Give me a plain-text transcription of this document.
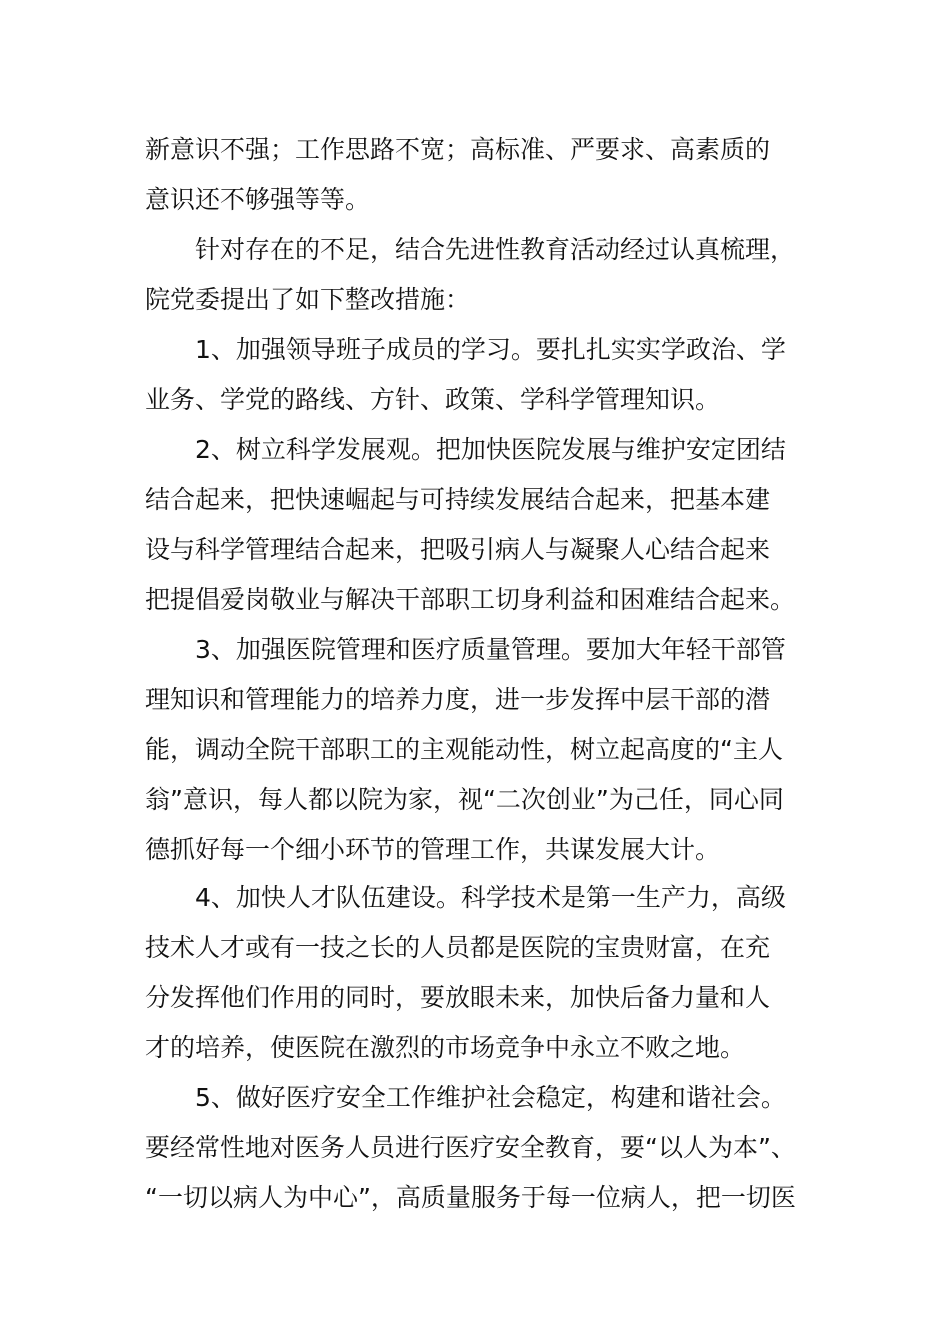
新意识不强；工作思路不宽；高标准、严要求、高素质的

意识还不够强等等。

针对存在的不足，结合先进性教育活动经过认真梳理，

院党委提出了如下整改措施：

1、加强领导班子成员的学习。要扎扎实实学政治、学

业务、学党的路线、方针、政策、学科学管理知识。

2、树立科学发展观。把加快医院发展与维护安定团结

结合起来，把快速崛起与可持续发展结合起来，把基本建

设与科学管理结合起来，把吸引病人与凝聚人心结合起来

把提倡爱岗敬业与解决干部职工切身利益和困难结合起来。

3、加强医院管理和医疗质量管理。要加大年轻干部管

理知识和管理能力的培养力度，进一步发挥中层干部的潜

能，调动全院干部职工的主观能动性，树立起高度的“主人

翁”意识，每人都以院为家，视“二次创业”为己任，同心同

德抓好每一个细小环节的管理工作，共谋发展大计。

4、加快人才队伍建设。科学技术是第一生产力，高级

技术人才或有一技之长的人员都是医院的宝贵财富，在充

分发挥他们作用的同时，要放眼未来，加快后备力量和人

才的培养，使医院在激烈的市场竞争中永立不败之地。

5、做好医疗安全工作维护社会稳定，构建和谐社会。

要经常性地对医务人员进行医疗安全教育，要“以人为本”、

“一切以病人为中心”，高质量服务于每一位病人，把一切医
